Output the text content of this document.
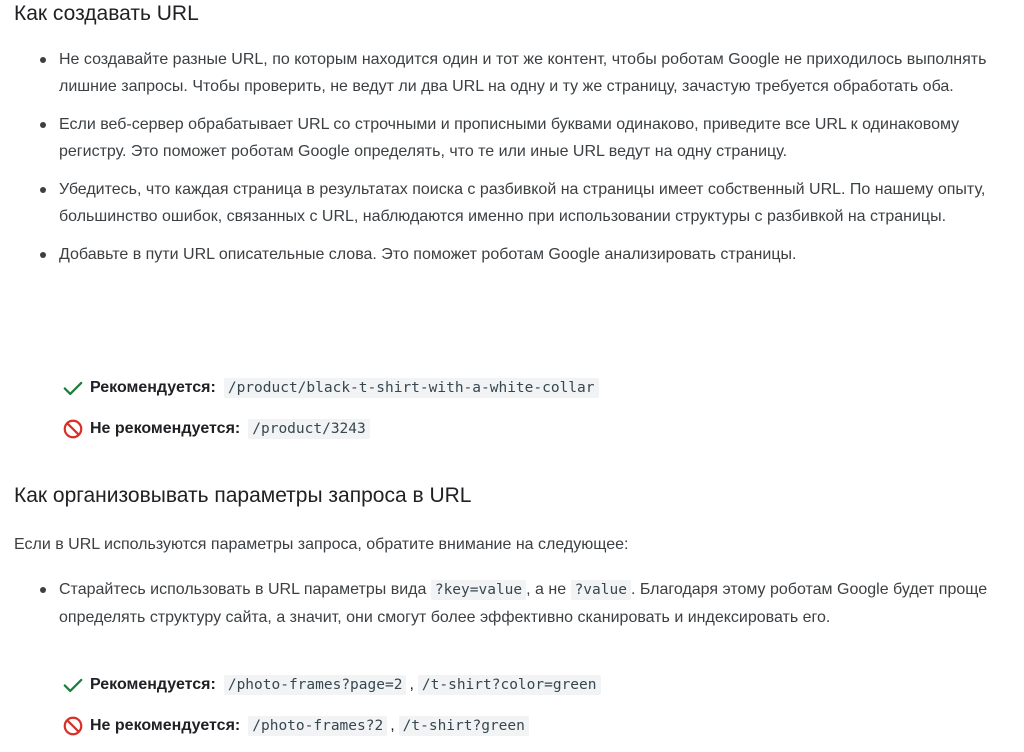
Как создавать URL
Не создавайте разные URL, по которым находится один и тот же контент, чтобы роботам Google не приходилось выполнять лишние запросы. Чтобы проверить, не ведут ли два URL на одну и ту же страницу, зачастую требуется обработать оба.
Если веб-сервер обрабатывает URL со строчными и прописными буквами одинаково, приведите все URL к одинаковому регистру. Это поможет роботам Google определять, что те или иные URL ведут на одну страницу.
Убедитесь, что каждая страница в результатах поиска с разбивкой на страницы имеет собственный URL. По нашему опыту, большинство ошибок, связанных с URL, наблюдаются именно при использовании структуры с разбивкой на страницы.
Добавьте в пути URL описательные слова. Это поможет роботам Google анализировать страницы.
Рекомендуется: /product/black-t-shirt-with-a-white-collar
Не рекомендуется: /product/3243
Как организовывать параметры запроса в URL

Если в URL используются параметры запроса, обратите внимание на следующее:

Старайтесь использовать в URL параметры вида ?key=value , а не ?value . Благодаря этому роботам Google будет проще определять структуру сайта, а значит, они смогут более эффективно сканировать и индексировать его.
Рекомендуется: /photo-frames?page=2 , /t-shirt?color=green
Не рекомендуется: /photo-frames?2 , /t-shirt?green
